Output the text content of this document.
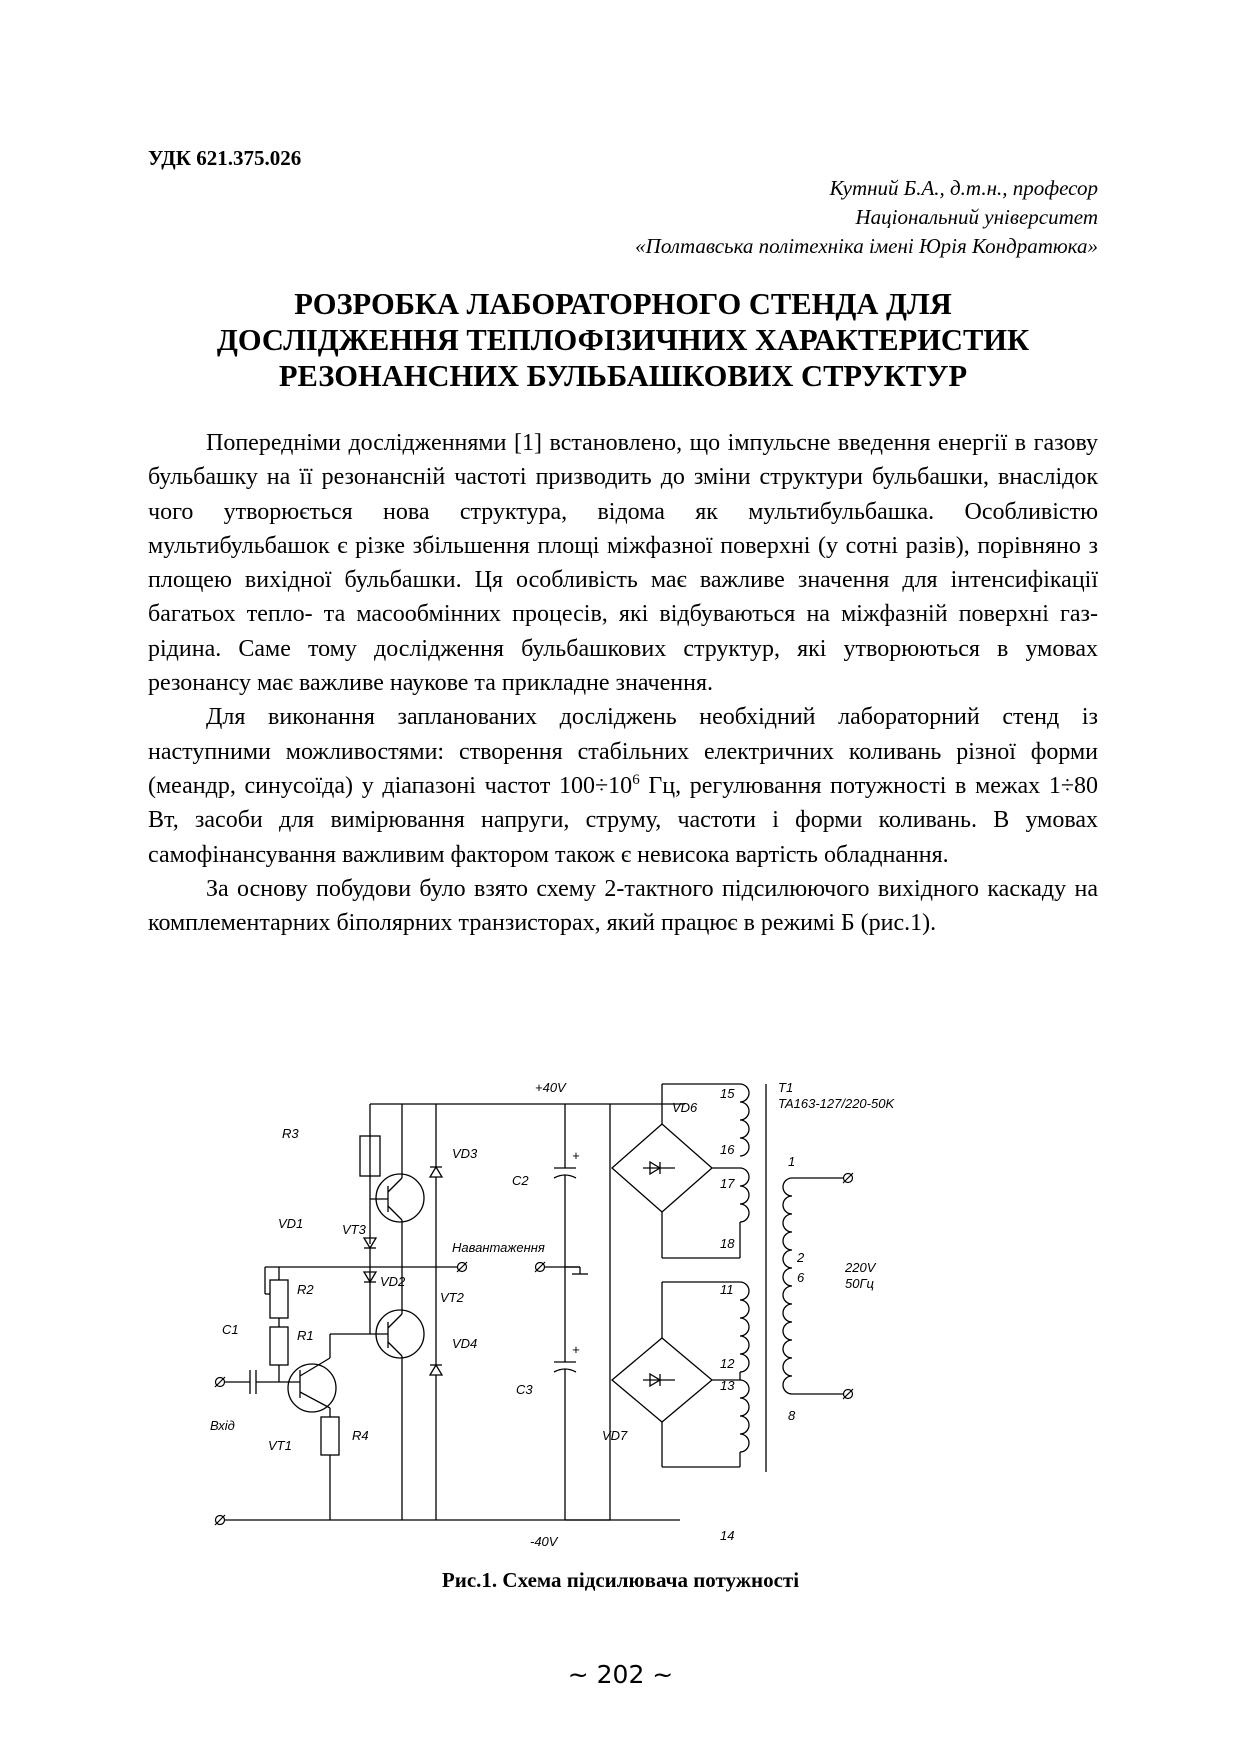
УДК 621.375.026
Кутний Б.А., д.т.н., професор
Національний університет
«Полтавська політехніка імені Юрія Кондратюка»
РОЗРОБКА ЛАБОРАТОРНОГО СТЕНДА ДЛЯ
ДОСЛІДЖЕННЯ ТЕПЛОФІЗИЧНИХ ХАРАКТЕРИСТИК
РЕЗОНАНСНИХ БУЛЬБАШКОВИХ СТРУКТУР

Попередніми дослідженнями [1] встановлено, що імпульсне введення енергії в газову бульбашку на її резонансній частоті призводить до зміни структури бульбашки, внаслідок чого утворюється нова структура, відома як мультибульбашка. Особливістю мультибульбашок є різке збільшення площі міжфазної поверхні (у сотні разів), порівняно з площею вихідної бульбашки. Ця особливість має важливе значення для інтенсифікації багатьох тепло- та масообмінних процесів, які відбуваються на міжфазній поверхні газ-рідина. Саме тому дослідження бульбашкових структур, які утворюються в умовах резонансу має важливе наукове та прикладне значення.

Для виконання запланованих досліджень необхідний лабораторний стенд із наступними можливостями: створення стабільних електричних коливань різної форми (меандр, синусоїда) у діапазоні частот $100\div 10^6$ Гц, регулювання потужності в межах 1÷80 Вт, засоби для вимірювання напруги, струму, частоти і форми коливань. В умовах самофінансування важливим фактором також є невисока вартість обладнання.

За основу побудови було взято схему 2-тактного підсилюючого вихідного каскаду на комплементарних біполярних транзисторах, який працює в режимі Б (рис.1).

+40V
-40V
T1
TA163-127/220-50K
R3
R2
R1
R4
C1
C2
C3
VD1
VD2
VD3
VD4
VD6
VD7
VT1
VT2
VT3
Навантаження
Вхід
+
+
220V
50Гц
1
2
6
8
11
12
13
14
15
16
17
18
Рис.1. Схема підсилювача потужності
~ 202 ~
